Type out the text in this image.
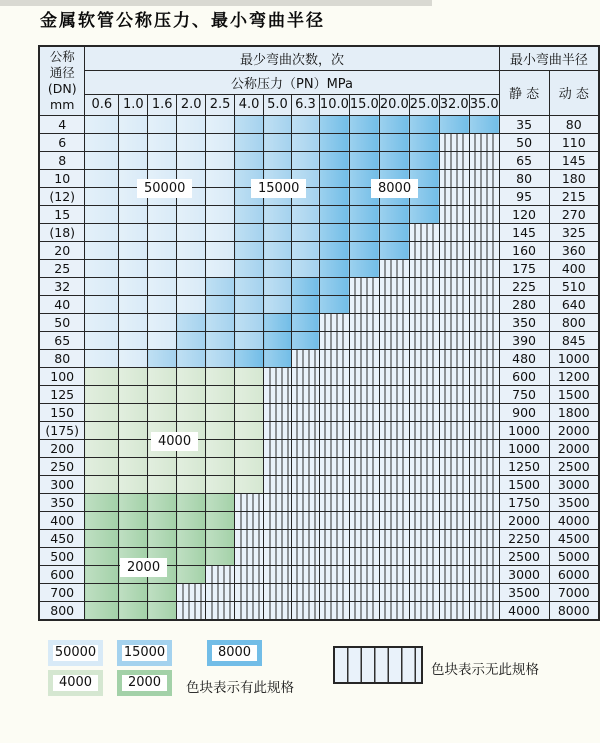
金属软管公称压力、最小弯曲半径
公称
通径
(DN)
mm	最少弯曲次数，次														最小弯曲半径	
	公称压力（PN）MPa														静 态	动 态
	0.6	1.0	1.6	2.0	2.5	4.0	5.0	6.3	10.0	15.0	20.0	25.0	32.0	35.0		
4															35	80
6															50	110
8															65	145
10															80	180
(12)															95	215
15															120	270
(18)															145	325
20															160	360
25															175	400
32															225	510
40															280	640
50															350	800
65															390	845
80															480	1000
100															600	1200
125															750	1500
150															900	1800
(175)															1000	2000
200															1000	2000
250															1250	2500
300															1500	3000
350															1750	3500
400															2000	4000
450															2250	4500
500															2500	5000
600															3000	6000
700															3500	7000
800															4000	8000
50000	15000	8000
4000
2000
色块表示有此规格
色块表示无此规格
50000 15000	8000
4000	2000
